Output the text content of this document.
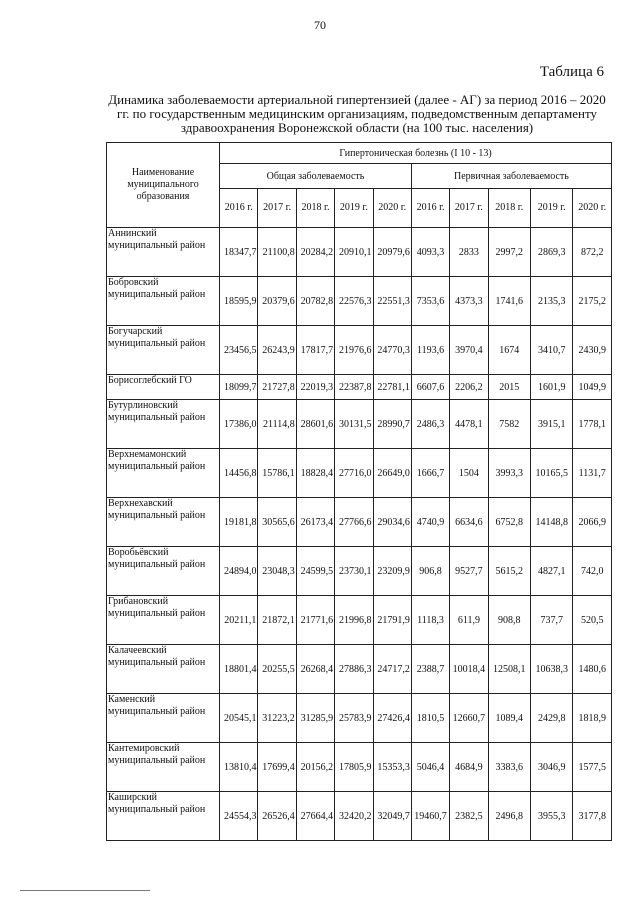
70
Таблица 6
Динамика заболеваемости артериальной гипертензией (далее - АГ) за период 2016 – 2020 гг. по государственным медицинским организациям, подведомственным департаменту здравоохранения Воронежской области (на 100 тыс. населения)
Наименование муниципального образования	Гипертоническая болезнь (I 10 - 13)									
	Общая заболеваемость					Первичная заболеваемость				
	2016 г.	2017 г.	2018 г.	2019 г.	2020 г.	2016 г.	2017 г.	2018 г.	2019 г.	2020 г.
Аннинский муниципальный район	18347,7	21100,8	20284,2	20910,1	20979,6	4093,3	2833	2997,2	2869,3	872,2
Бобровский муниципальный район	18595,9	20379,6	20782,8	22576,3	22551,3	7353,6	4373,3	1741,6	2135,3	2175,2
Богучарский муниципальный район	23456,5	26243,9	17817,7	21976,6	24770,3	1193,6	3970,4	1674	3410,7	2430,9
Борисоглебский ГО	18099,7	21727,8	22019,3	22387,8	22781,1	6607,6	2206,2	2015	1601,9	1049,9
Бутурлиновский муниципальный район	17386,0	21114,8	28601,6	30131,5	28990,7	2486,3	4478,1	7582	3915,1	1778,1
Верхнемамонский муниципальный район	14456,8	15786,1	18828,4	27716,0	26649,0	1666,7	1504	3993,3	10165,5	1131,7
Верхнехавский муниципальный район	19181,8	30565,6	26173,4	27766,6	29034,6	4740,9	6634,6	6752,8	14148,8	2066,9
Воробьёвский муниципальный район	24894,0	23048,3	24599,5	23730,1	23209,9	906,8	9527,7	5615,2	4827,1	742,0
Грибановский муниципальный район	20211,1	21872,1	21771,6	21996,8	21791,9	1118,3	611,9	908,8	737,7	520,5
Калачеевский муниципальный район	18801,4	20255,5	26268,4	27886,3	24717,2	2388,7	10018,4	12508,1	10638,3	1480,6
Каменский муниципальный район	20545,1	31223,2	31285,9	25783,9	27426,4	1810,5	12660,7	1089,4	2429,8	1818,9
Кантемировский муниципальный район	13810,4	17699,4	20156,2	17805,9	15353,3	5046,4	4684,9	3383,6	3046,9	1577,5
Каширский муниципальный район	24554,3	26526,4	27664,4	32420,2	32049,7	19460,7	2382,5	2496,8	3955,3	3177,8
